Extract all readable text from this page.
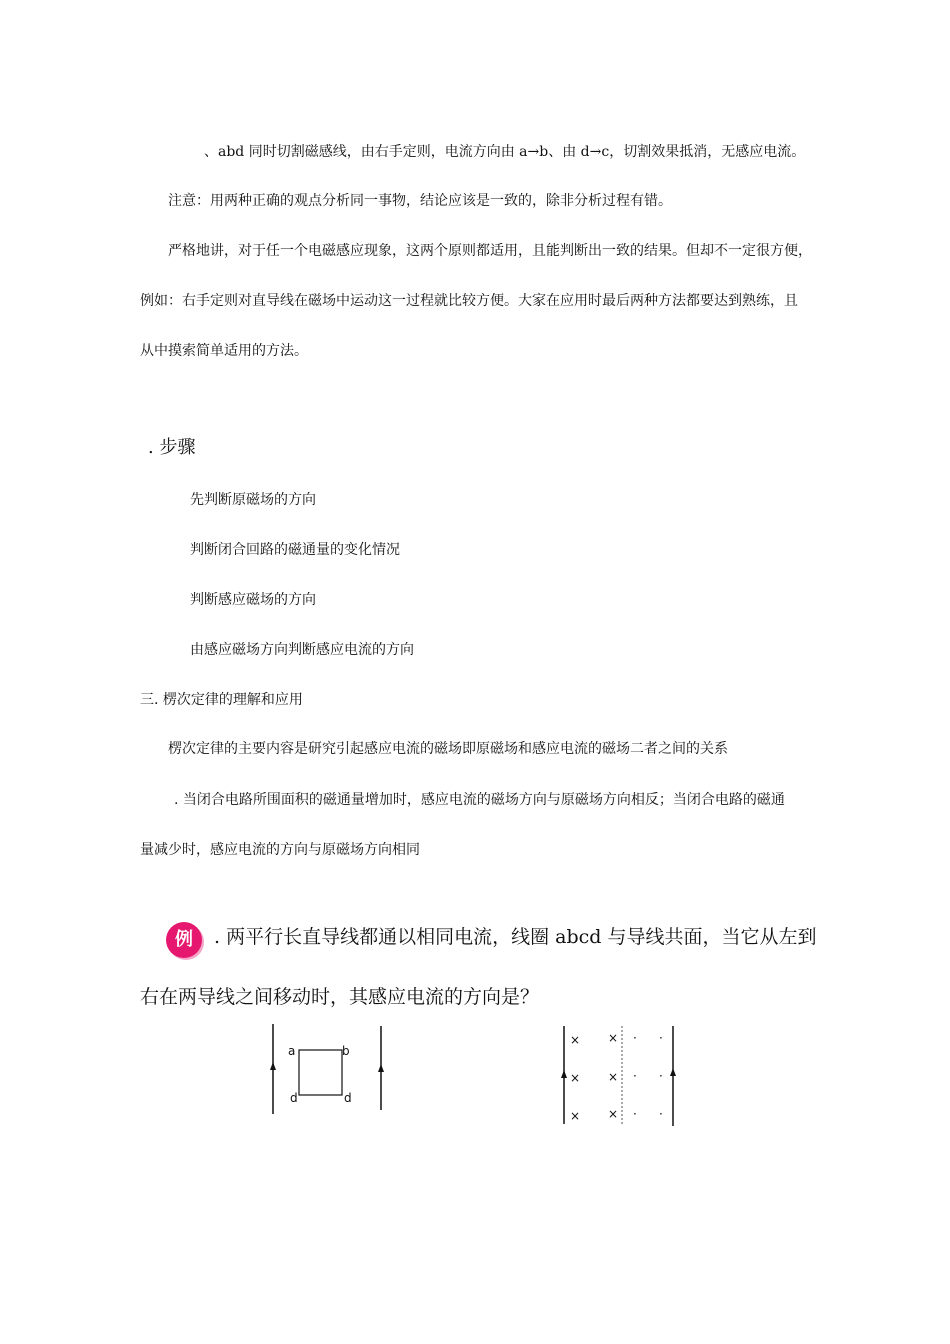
、abd 同时切割磁感线，由右手定则，电流方向由 a→b、由 d→c，切割效果抵消，无感应电流。
注意：用两种正确的观点分析同一事物，结论应该是一致的，除非分析过程有错。
严格地讲，对于任一个电磁感应现象，这两个原则都适用，且能判断出一致的结果。但却不一定很方便，
例如：右手定则对直导线在磁场中运动这一过程就比较方便。大家在应用时最后两种方法都要达到熟练，且
从中摸索简单适用的方法。
. 步骤
先判断原磁场的方向
判断闭合回路的磁通量的变化情况
判断感应磁场的方向
由感应磁场方向判断感应电流的方向
三. 楞次定律的理解和应用
楞次定律的主要内容是研究引起感应电流的磁场即原磁场和感应电流的磁场二者之间的关系
. 当闭合电路所围面积的磁通量增加时，感应电流的磁场方向与原磁场方向相反；当闭合电路的磁通
量减少时，感应电流的方向与原磁场方向相同
例	. 两平行长直导线都通以相同电流，线圈 abcd 与导线共面，当它从左到
右在两导线之间移动时，其感应电流的方向是？
a	b
d	d
× ×
× ×
× ×
· ·
· ·
· ·
